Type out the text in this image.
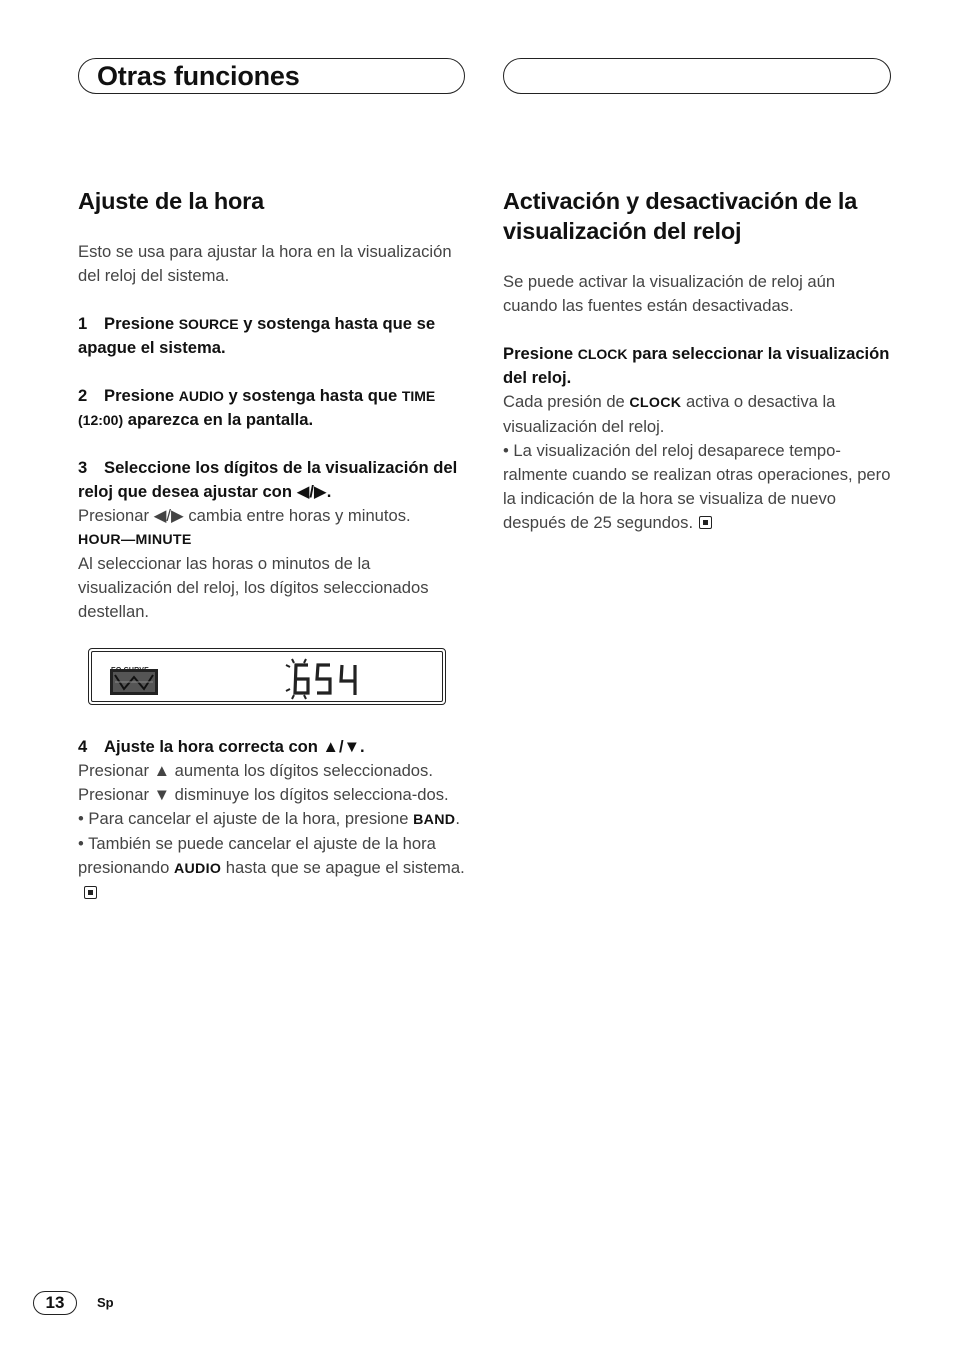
Otras funciones
Ajuste de la hora

Esto se usa para ajustar la hora en la visualización del reloj del sistema.

1 Presione SOURCE y sostenga hasta que se apague el sistema.

2 Presione AUDIO y sostenga hasta que TIME (12:00) aparezca en la pantalla.

3 Seleccione los dígitos de la visualización del reloj que desea ajustar con ◀/▶.

Presionar ◀/▶ cambia entre horas y minutos.

HOUR—MINUTE

Al seleccionar las horas o minutos de la visualización del reloj, los dígitos seleccionados destellan.

4 Ajuste la hora correcta con ▲/▼.

Presionar ▲ aumenta los dígitos seleccionados.

Presionar ▼ disminuye los dígitos selecciona-dos.

• Para cancelar el ajuste de la hora, presione BAND.

• También se puede cancelar el ajuste de la hora presionando AUDIO hasta que se apague el sistema.

Activación y desactivación de la visualización del reloj

Se puede activar la visualización de reloj aún cuando las fuentes están desactivadas.

Presione CLOCK para seleccionar la visualización del reloj.

Cada presión de CLOCK activa o desactiva la visualización del reloj.

• La visualización del reloj desaparece tempo-ralmente cuando se realizan otras operaciones, pero la indicación de la hora se visualiza de nuevo después de 25 segundos.

13	Sp
